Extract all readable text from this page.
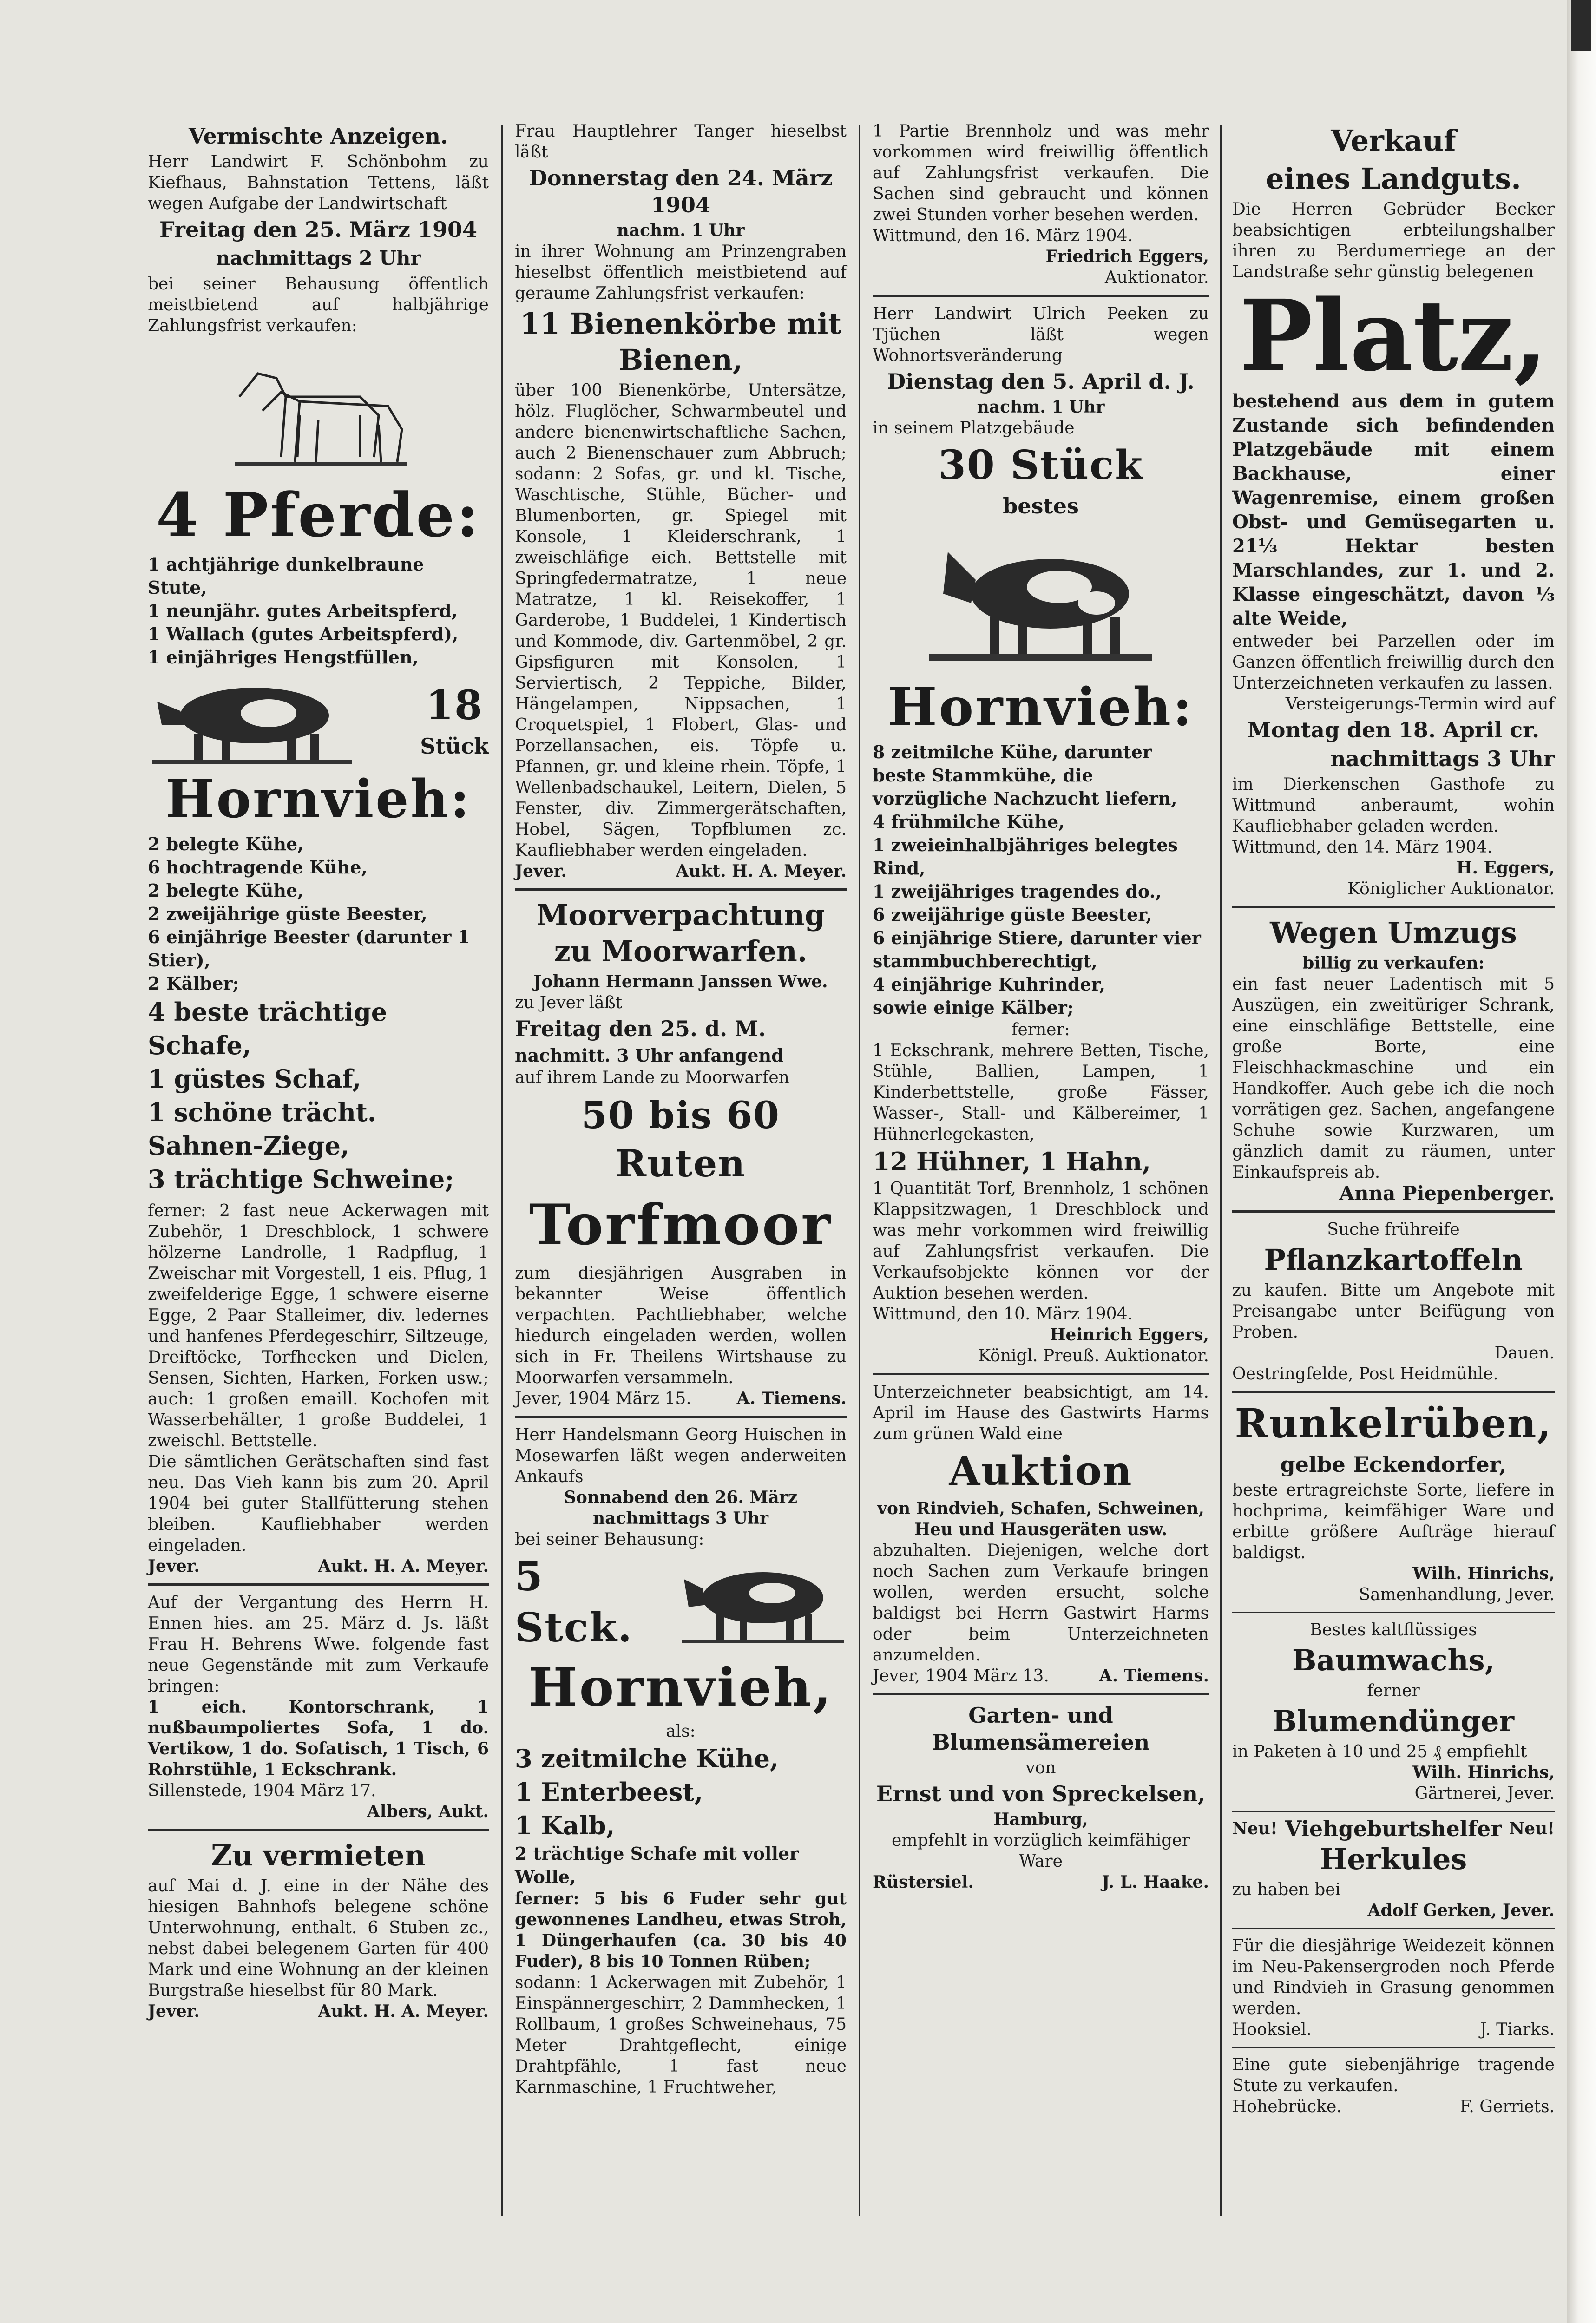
Vermischte Anzeigen.

Herr Landwirt F. Schönbohm zu Kiefhaus, Bahnstation Tettens, läßt wegen Aufgabe der Landwirtschaft

Freitag den 25. März 1904

nachmittags 2 Uhr

bei seiner Behausung öffentlich meistbietend auf halbjährige Zahlungsfrist verkaufen:

4 Pferde:

1 achtjährige dunkelbraune Stute,

1 neunjähr. gutes Arbeitspferd,

1 Wallach (gutes Arbeitspferd),

1 einjähriges Hengstfüllen,

18

Stück

Hornvieh:

2 belegte Kühe,

6 hochtragende Kühe,

2 belegte Kühe,

2 zweijährige güste Beester,

6 einjährige Beester (darunter 1 Stier),

2 Kälber;

4 beste trächtige Schafe,

1 güstes Schaf,

1 schöne trächt. Sahnen-Ziege,

3 trächtige Schweine;

ferner: 2 fast neue Ackerwagen mit Zubehör, 1 Dreschblock, 1 schwere hölzerne Landrolle, 1 Radpflug, 1 Zweischar mit Vorgestell, 1 eis. Pflug, 1 zweifelderige Egge, 1 schwere eiserne Egge, 2 Paar Stalleimer, div. ledernes und hanfenes Pferdegeschirr, Siltzeuge, Dreiftöcke, Torfhecken und Dielen, Sensen, Sichten, Harken, Forken usw.; auch: 1 großen emaill. Kochofen mit Wasserbehälter, 1 große Buddelei, 1 zweischl. Bettstelle.

Die sämtlichen Gerätschaften sind fast neu. Das Vieh kann bis zum 20. April 1904 bei guter Stallfütterung stehen bleiben. Kaufliebhaber werden eingeladen.

Jever.	Aukt. H. A. Meyer.

Auf der Vergantung des Herrn H. Ennen hies. am 25. März d. Js. läßt Frau H. Behrens Wwe. folgende fast neue Gegenstände mit zum Verkaufe bringen:

1 eich. Kontorschrank, 1 nußbaumpoliertes Sofa, 1 do. Vertikow, 1 do. Sofatisch, 1 Tisch, 6 Rohrstühle, 1 Eckschrank.

Sillenstede, 1904 März 17.

Albers, Aukt.

Zu vermieten

auf Mai d. J. eine in der Nähe des hiesigen Bahnhofs belegene schöne Unterwohnung, enthalt. 6 Stuben zc., nebst dabei belegenem Garten für 400 Mark und eine Wohnung an der kleinen Burgstraße hieselbst für 80 Mark.

Jever.	Aukt. H. A. Meyer.

Frau Hauptlehrer Tanger hieselbst läßt

Donnerstag den 24. März 1904

nachm. 1 Uhr

in ihrer Wohnung am Prinzengraben hieselbst öffentlich meistbietend auf geraume Zahlungsfrist verkaufen:

11 Bienenkörbe mit Bienen,

über 100 Bienenkörbe, Untersätze, hölz. Fluglöcher, Schwarmbeutel und andere bienenwirtschaftliche Sachen, auch 2 Bienenschauer zum Abbruch; sodann: 2 Sofas, gr. und kl. Tische, Waschtische, Stühle, Bücher- und Blumenborten, gr. Spiegel mit Konsole, 1 Kleiderschrank, 1 zweischläfige eich. Bettstelle mit Springfedermatratze, 1 neue Matratze, 1 kl. Reisekoffer, 1 Garderobe, 1 Buddelei, 1 Kindertisch und Kommode, div. Gartenmöbel, 2 gr. Gipsfiguren mit Konsolen, 1 Serviertisch, 2 Teppiche, Bilder, Hängelampen, Nippsachen, 1 Croquetspiel, 1 Flobert, Glas- und Porzellansachen, eis. Töpfe u. Pfannen, gr. und kleine rhein. Töpfe, 1 Wellenbadschaukel, Leitern, Dielen, 5 Fenster, div. Zimmergerätschaften, Hobel, Sägen, Topfblumen zc. Kaufliebhaber werden eingeladen.

Jever.	Aukt. H. A. Meyer.

Moorverpachtung zu Moorwarfen.

Johann Hermann Janssen Wwe.

zu Jever läßt

Freitag den 25. d. M.

nachmitt. 3 Uhr anfangend

auf ihrem Lande zu Moorwarfen

50 bis 60 Ruten

Torfmoor

zum diesjährigen Ausgraben in bekannter Weise öffentlich verpachten. Pachtliebhaber, welche hiedurch eingeladen werden, wollen sich in Fr. Theilens Wirtshause zu Moorwarfen versammeln.

Jever, 1904 März 15.	A. Tiemens.

Herr Handelsmann Georg Huischen in Mosewarfen läßt wegen anderweiten Ankaufs

Sonnabend den 26. März

nachmittags 3 Uhr

bei seiner Behausung:

5

Stck.

Hornvieh,

als:

3 zeitmilche Kühe,

1 Enterbeest,

1 Kalb,

2 trächtige Schafe mit voller Wolle,

ferner: 5 bis 6 Fuder sehr gut gewonnenes Landheu, etwas Stroh, 1 Düngerhaufen (ca. 30 bis 40 Fuder), 8 bis 10 Tonnen Rüben;

sodann: 1 Ackerwagen mit Zubehör, 1 Einspännergeschirr, 2 Dammhecken, 1 Rollbaum, 1 großes Schweinehaus, 75 Meter Drahtgeflecht, einige Drahtpfähle, 1 fast neue Karnmaschine, 1 Fruchtweher,

1 Partie Brennholz und was mehr vorkommen wird freiwillig öffentlich auf Zahlungsfrist verkaufen. Die Sachen sind gebraucht und können zwei Stunden vorher besehen werden.

Wittmund, den 16. März 1904.

Friedrich Eggers,

Auktionator.

Herr Landwirt Ulrich Peeken zu Tjüchen läßt wegen Wohnortsveränderung

Dienstag den 5. April d. J.

nachm. 1 Uhr

in seinem Platzgebäude

30 Stück

bestes

Hornvieh:

8 zeitmilche Kühe, darunter beste Stammkühe, die vorzügliche Nachzucht liefern,

4 frühmilche Kühe,

1 zweieinhalbjähriges belegtes Rind,

1 zweijähriges tragendes do.,

6 zweijährige güste Beester,

6 einjährige Stiere, darunter vier stammbuchberechtigt,

4 einjährige Kuhrinder,

sowie einige Kälber;

ferner:

1 Eckschrank, mehrere Betten, Tische, Stühle, Ballien, Lampen, 1 Kinderbettstelle, große Fässer, Wasser-, Stall- und Kälbereimer, 1 Hühnerlegekasten,

12 Hühner, 1 Hahn,

1 Quantität Torf, Brennholz, 1 schönen Klappsitzwagen, 1 Dreschblock und was mehr vorkommen wird freiwillig auf Zahlungsfrist verkaufen. Die Verkaufsobjekte können vor der Auktion besehen werden.

Wittmund, den 10. März 1904.

Heinrich Eggers,

Königl. Preuß. Auktionator.

Unterzeichneter beabsichtigt, am 14. April im Hause des Gastwirts Harms zum grünen Wald eine

Auktion

von Rindvieh, Schafen, Schweinen, Heu und Hausgeräten usw.

abzuhalten. Diejenigen, welche dort noch Sachen zum Verkaufe bringen wollen, werden ersucht, solche baldigst bei Herrn Gastwirt Harms oder beim Unterzeichneten anzumelden.

Jever, 1904 März 13.	A. Tiemens.

Garten- und Blumensämereien

von

Ernst und von Spreckelsen,

Hamburg,

empfehlt in vorzüglich keimfähiger Ware

Rüstersiel.	J. L. Haake.

Verkauf

eines Landguts.

Die Herren Gebrüder Becker beabsichtigen erbteilungshalber ihren zu Berdumerriege an der Landstraße sehr günstig belegenen

Platz,

bestehend aus dem in gutem Zustande sich befindenden Platzgebäude mit einem Backhause, einer Wagenremise, einem großen Obst- und Gemüsegarten u. 21⅓ Hektar besten Marschlandes, zur 1. und 2. Klasse eingeschätzt, davon ⅓ alte Weide,

entweder bei Parzellen oder im Ganzen öffentlich freiwillig durch den Unterzeichneten verkaufen zu lassen.

Versteigerungs-Termin wird auf

Montag den 18. April cr.

nachmittags 3 Uhr

im Dierkenschen Gasthofe zu Wittmund anberaumt, wohin Kaufliebhaber geladen werden.

Wittmund, den 14. März 1904.

H. Eggers,

Königlicher Auktionator.

Wegen Umzugs

billig zu verkaufen:

ein fast neuer Ladentisch mit 5 Auszügen, ein zweitüriger Schrank, eine einschläfige Bettstelle, eine große Borte, eine Fleischhackmaschine und ein Handkoffer. Auch gebe ich die noch vorrätigen gez. Sachen, angefangene Schuhe sowie Kurzwaren, um gänzlich damit zu räumen, unter Einkaufspreis ab.

Anna Piepenberger.

Suche frühreife

Pflanzkartoffeln

zu kaufen. Bitte um Angebote mit Preisangabe unter Beifügung von Proben.

Dauen.

Oestringfelde, Post Heidmühle.

Runkelrüben,

gelbe Eckendorfer,

beste ertragreichste Sorte, liefere in hochprima, keimfähiger Ware und erbitte größere Aufträge hierauf baldigst.

Wilh. Hinrichs,

Samenhandlung, Jever.

Bestes kaltflüssiges

Baumwachs,

ferner

Blumendünger

in Paketen à 10 und 25 ₰ empfiehlt

Wilh. Hinrichs,

Gärtnerei, Jever.

Neu! Viehgeburtshelfer Neu!

Herkules

zu haben bei

Adolf Gerken, Jever.

Für die diesjährige Weidezeit können im Neu-Pakensergroden noch Pferde und Rindvieh in Grasung genommen werden.

Hooksiel.	J. Tiarks.

Eine gute siebenjährige tragende Stute zu verkaufen.

Hohebrücke.	F. Gerriets.
